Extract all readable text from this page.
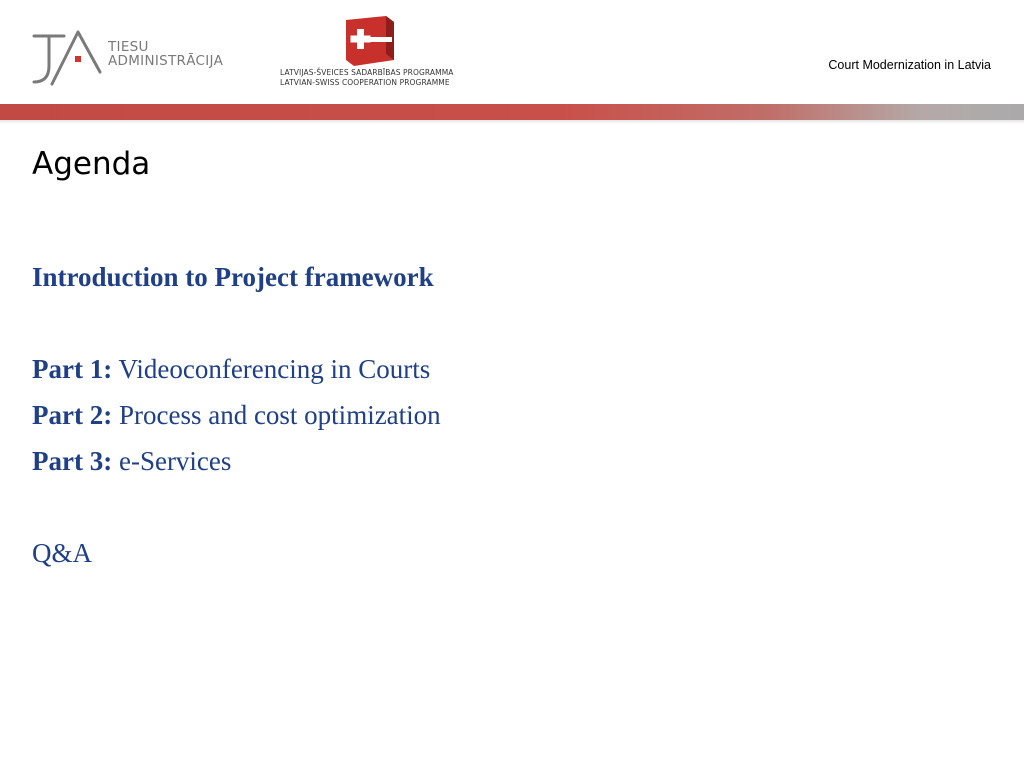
TIESU
ADMINISTRĀCIJA
LATVIJAS-ŠVEICES SADARBĪBAS PROGRAMMA
LATVIAN-SWISS COOPERATION PROGRAMME
Court Modernization in Latvia
Agenda
Introduction to Project framework
Part 1: Videoconferencing in Courts
Part 2: Process and cost optimization
Part 3: e-Services
Q&A
